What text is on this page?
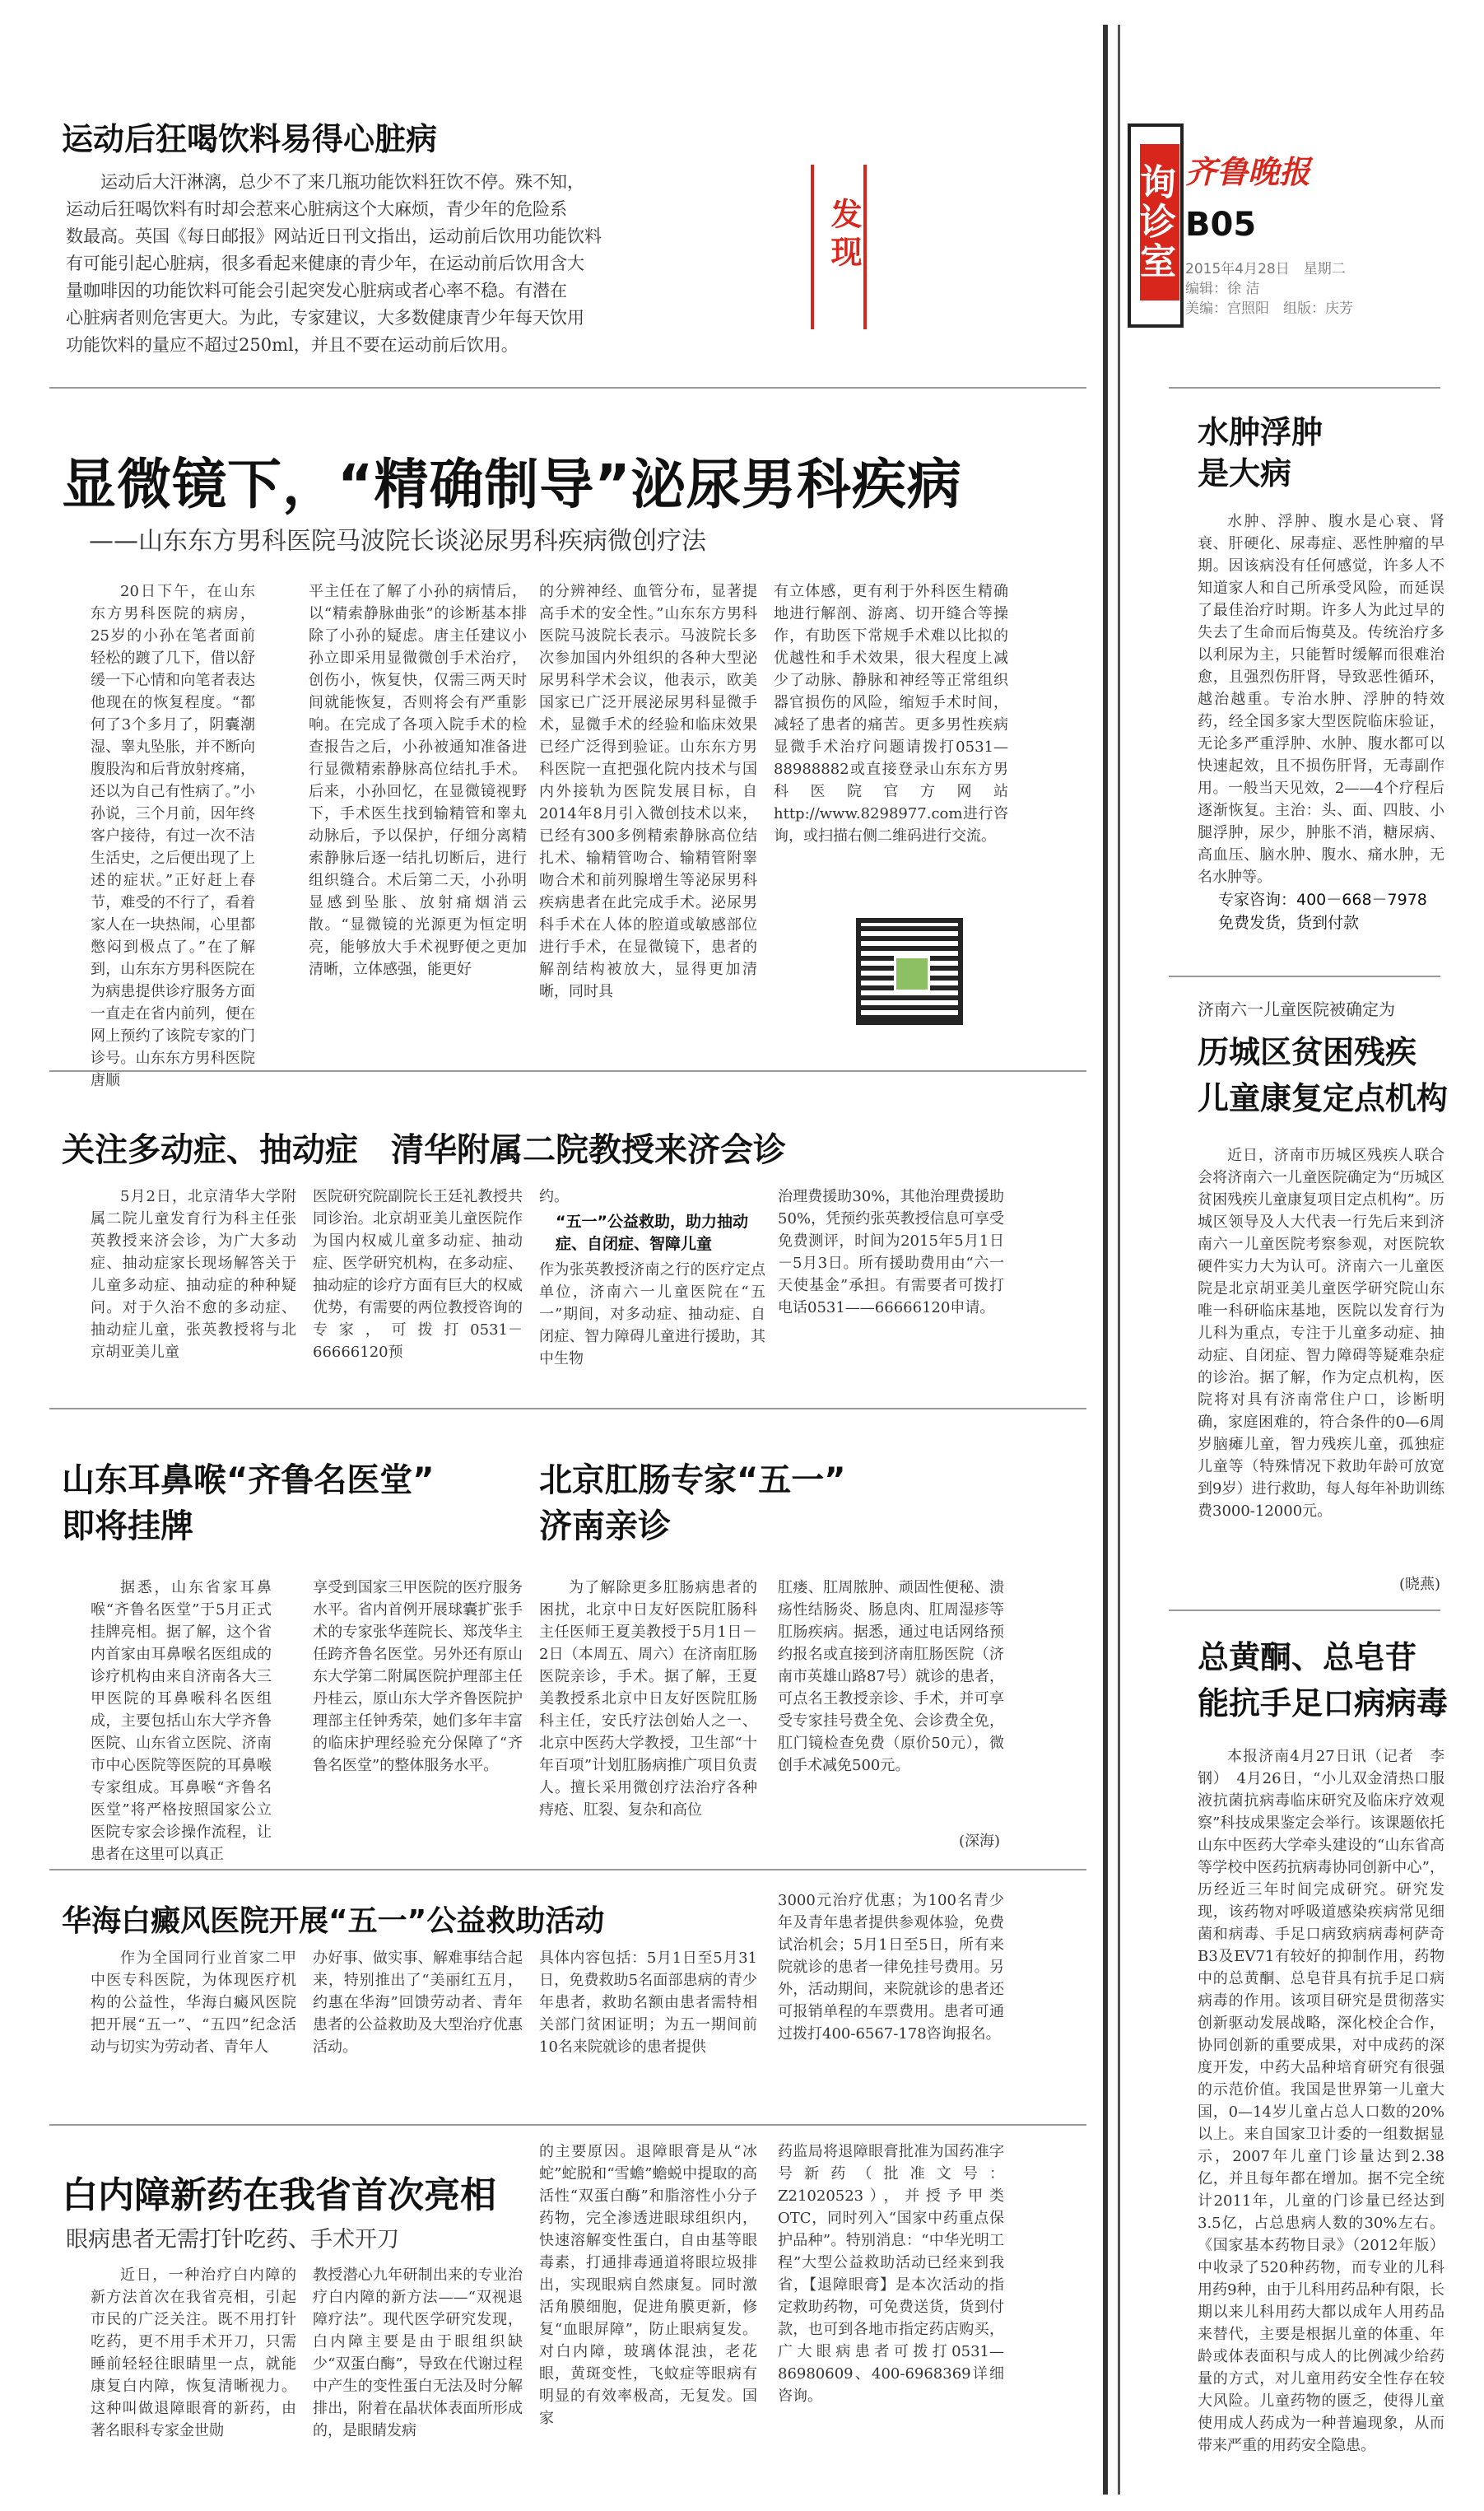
询诊室 齐鲁晚报
B05
2015年4月28日　星期二
编辑：徐 洁
美编：宫照阳　组版：庆芳
运动后狂喝饮料易得心脏病
运动后大汗淋漓，总少不了来几瓶功能饮料狂饮不停。殊不知，
运动后狂喝饮料有时却会惹来心脏病这个大麻烦，青少年的危险系
数最高。英国《每日邮报》网站近日刊文指出，运动前后饮用功能饮料
有可能引起心脏病，很多看起来健康的青少年，在运动前后饮用含大
量咖啡因的功能饮料可能会引起突发心脏病或者心率不稳。有潜在
心脏病者则危害更大。为此，专家建议，大多数健康青少年每天饮用
功能饮料的量应不超过250ml，并且不要在运动前后饮用。
发现
显微镜下，“精确制导”泌尿男科疾病
——山东东方男科医院马波院长谈泌尿男科疾病微创疗法
20日下午，在山东东方男科医院的病房，25岁的小孙在笔者面前轻松的踱了几下，借以舒缓一下心情和向笔者表达他现在的恢复程度。“都何了3个多月了，阴囊潮湿、睾丸坠胀，并不断向腹股沟和后背放射疼痛，还以为自己有性病了。”小孙说，三个月前，因年终客户接待，有过一次不洁生活史，之后便出现了上述的症状。”正好赶上春节，难受的不行了，看着家人在一块热闹，心里都憋闷到极点了。”在了解到，山东东方男科医院在为病患提供诊疗服务方面一直走在省内前列，便在网上预约了该院专家的门诊号。山东东方男科医院唐顺
平主任在了解了小孙的病情后，以“精索静脉曲张”的诊断基本排除了小孙的疑虑。唐主任建议小孙立即采用显微微创手术治疗，创伤小，恢复快，仅需三两天时间就能恢复，否则将会有严重影响。在完成了各项入院手术的检查报告之后，小孙被通知准备进行显微精索静脉高位结扎手术。后来，小孙回忆，在显微镜视野下，手术医生找到输精管和睾丸动脉后，予以保护，仔细分离精索静脉后逐一结扎切断后，进行组织缝合。术后第二天，小孙明显感到坠胀、放射痛烟消云散。“显微镜的光源更为恒定明亮，能够放大手术视野便之更加清晰，立体感强，能更好
的分辨神经、血管分布，显著提高手术的安全性。”山东东方男科医院马波院长表示。马波院长多次参加国内外组织的各种大型泌尿男科学术会议，他表示，欧美国家已广泛开展泌尿男科显微手术，显微手术的经验和临床效果已经广泛得到验证。山东东方男科医院一直把强化院内技术与国内外接轨为医院发展目标，自2014年8月引入微创技术以来，已经有300多例精索静脉高位结扎术、输精管吻合、输精管附睾吻合术和前列腺增生等泌尿男科疾病患者在此完成手术。泌尿男科手术在人体的腔道或敏感部位进行手术，在显微镜下，患者的解剖结构被放大，显得更加清晰，同时具
有立体感，更有利于外科医生精确地进行解剖、游离、切开缝合等操作，有助医下常规手术难以比拟的优越性和手术效果，很大程度上减少了动脉、静脉和神经等正常组织器官损伤的风险，缩短手术时间，减轻了患者的痛苦。更多男性疾病显微手术治疗问题请拨打0531—88988882或直接登录山东东方男科医院官方网站http://www.8298977.com进行咨询，或扫描右侧二维码进行交流。
关注多动症、抽动症　清华附属二院教授来济会诊
5月2日，北京清华大学附属二院儿童发育行为科主任张英教授来济会诊，为广大多动症、抽动症家长现场解答关于儿童多动症、抽动症的种种疑问。对于久治不愈的多动症、抽动症儿童，张英教授将与北京胡亚美儿童
医院研究院副院长王廷礼教授共同诊治。北京胡亚美儿童医院作为国内权威儿童多动症、抽动症、医学研究机构，在多动症、抽动症的诊疗方面有巨大的权威优势，有需要的两位教授咨询的专家，可拨打0531－66666120预
约。
“五一”公益救助，助力抽动症、自闭症、智障儿童
作为张英教授济南之行的医疗定点单位，济南六一儿童医院在“五一”期间，对多动症、抽动症、自闭症、智力障碍儿童进行援助，其中生物
治理费援助30%，其他治理费援助50%，凭预约张英教授信息可享受免费测评，时间为2015年5月1日－5月3日。所有援助费用由“六一天使基金”承担。有需要者可拨打电话0531——66666120申请。
山东耳鼻喉“齐鲁名医堂”
即将挂牌
据悉，山东省家耳鼻喉“齐鲁名医堂”于5月正式挂牌亮相。据了解，这个省内首家由耳鼻喉名医组成的诊疗机构由来自济南各大三甲医院的耳鼻喉科名医组成，主要包括山东大学齐鲁医院、山东省立医院、济南市中心医院等医院的耳鼻喉专家组成。耳鼻喉“齐鲁名医堂”将严格按照国家公立医院专家会诊操作流程，让患者在这里可以真正
享受到国家三甲医院的医疗服务水平。省内首例开展球囊扩张手术的专家张华莲院长、郑茂华主任跨齐鲁名医堂。另外还有原山东大学第二附属医院护理部主任丹桂云，原山东大学齐鲁医院护理部主任钟秀荣，她们多年丰富的临床护理经验充分保障了“齐鲁名医堂”的整体服务水平。
北京肛肠专家“五一”
济南亲诊
为了解除更多肛肠病患者的困扰，北京中日友好医院肛肠科主任医师王夏美教授于5月1日－2日（本周五、周六）在济南肛肠医院亲诊，手术。据了解，王夏美教授系北京中日友好医院肛肠科主任，安氏疗法创始人之一、北京中医药大学教授，卫生部“十年百项”计划肛肠病推广项目负责人。擅长采用微创疗法治疗各种痔疮、肛裂、复杂和高位
肛瘘、肛周脓肿、顽固性便秘、溃疡性结肠炎、肠息肉、肛周湿疹等肛肠疾病。据悉，通过电话网络预约报名或直接到济南肛肠医院（济南市英雄山路87号）就诊的患者，可点名王教授亲诊、手术，并可享受专家挂号费全免、会诊费全免，肛门镜检查免费（原价50元），微创手术减免500元。
(深海)
华海白癜风医院开展“五一”公益救助活动
作为全国同行业首家二甲中医专科医院，为体现医疗机构的公益性，华海白癜风医院把开展“五一”、“五四”纪念活动与切实为劳动者、青年人
办好事、做实事、解难事结合起来，特别推出了“美丽红五月，约惠在华海”回馈劳动者、青年患者的公益救助及大型治疗优惠活动。
具体内容包括：5月1日至5月31日，免费救助5名面部患病的青少年患者，救助名额由患者需特相关部门贫困证明；为五一期间前10名来院就诊的患者提供
3000元治疗优惠；为100名青少年及青年患者提供参观体验，免费试治机会；5月1日至5日，所有来院就诊的患者一律免挂号费用。另外，活动期间，来院就诊的患者还可报销单程的车票费用。患者可通过拨打400-6567-178咨询报名。
白内障新药在我省首次亮相
眼病患者无需打针吃药、手术开刀
近日，一种治疗白内障的新方法首次在我省亮相，引起市民的广泛关注。既不用打针吃药，更不用手术开刀，只需睡前轻轻往眼睛里一点，就能康复白内障，恢复清晰视力。这种叫做退障眼膏的新药，由著名眼科专家金世勋
教授潜心九年研制出来的专业治疗白内障的新方法——“双视退障疗法”。现代医学研究发现，白内障主要是由于眼组织缺少“双蛋白酶”，导致在代谢过程中产生的变性蛋白无法及时分解排出，附着在晶状体表面所形成的，是眼睛发病
的主要原因。退障眼膏是从“冰蛇”蛇脱和“雪蟾”蟾蜕中提取的高活性“双蛋白酶”和脂溶性小分子药物，完全渗透进眼球组织内，快速溶解变性蛋白，自由基等眼毒素，打通排毒通道将眼垃圾排出，实现眼病自然康复。同时激活角膜细胞，促进角膜更新，修复“血眼屏障”，防止眼病复发。对白内障，玻璃体混浊，老花眼，黄斑变性，飞蚊症等眼病有明显的有效率极高，无复发。国家
药监局将退障眼膏批准为国药准字号新药（批准文号：Z21020523），并授予甲类OTC，同时列入“国家中药重点保护品种”。特别消息：“中华光明工程”大型公益救助活动已经来到我省，【退障眼膏】是本次活动的指定救助药物，可免费送货，货到付款，也可到各地市指定药店购买，广大眼病患者可拨打0531—86980609、400-6968369详细咨询。
水肿浮肿
是大病
水肿、浮肿、腹水是心衰、肾衰、肝硬化、尿毒症、恶性肿瘤的早期。因该病没有任何感觉，许多人不知道家人和自己所承受风险，而延误了最佳治疗时期。许多人为此过早的失去了生命而后悔莫及。传统治疗多以利尿为主，只能暂时缓解而很难治愈，且强烈伤肝肾，导致恶性循环，越治越重。专治水肿、浮肿的特效药，经全国多家大型医院临床验证，无论多严重浮肿、水肿、腹水都可以快速起效，且不损伤肝肾，无毒副作用。一般当天见效，2——4个疗程后逐渐恢复。主治：头、面、四肢、小腿浮肿，尿少，肿胀不消，糖尿病、高血压、脑水肿、腹水、痛水肿，无名水肿等。
专家咨询：400－668－7978
免费发货，货到付款
济南六一儿童医院被确定为
历城区贫困残疾
儿童康复定点机构
近日，济南市历城区残疾人联合会将济南六一儿童医院确定为“历城区贫困残疾儿童康复项目定点机构”。历城区领导及人大代表一行先后来到济南六一儿童医院考察参观，对医院软硬件实力大为认可。济南六一儿童医院是北京胡亚美儿童医学研究院山东唯一科研临床基地，医院以发育行为儿科为重点，专注于儿童多动症、抽动症、自闭症、智力障碍等疑难杂症的诊治。据了解，作为定点机构，医院将对具有济南常住户口，诊断明确，家庭困难的，符合条件的0—6周岁脑瘫儿童，智力残疾儿童，孤独症儿童等（特殊情况下救助年龄可放宽到9岁）进行救助，每人每年补助训练费3000-12000元。
(晓燕)
总黄酮、总皂苷
能抗手足口病病毒
本报济南4月27日讯（记者　李钢）　4月26日，“小儿双金清热口服液抗菌抗病毒临床研究及临床疗效观察”科技成果鉴定会举行。该课题依托山东中医药大学牵头建设的“山东省高等学校中医药抗病毒协同创新中心”，历经近三年时间完成研究。研究发现，该药物对呼吸道感染疾病常见细菌和病毒、手足口病致病病毒柯萨奇B3及EV71有较好的抑制作用，药物中的总黄酮、总皂苷具有抗手足口病病毒的作用。该项目研究是贯彻落实创新驱动发展战略，深化校企合作，协同创新的重要成果，对中成药的深度开发，中药大品种培育研究有很强的示范价值。我国是世界第一儿童大国，0—14岁儿童占总人口数的20%以上。来自国家卫计委的一组数据显示，2007年儿童门诊量达到2.38亿，并且每年都在增加。据不完全统计2011年，儿童的门诊量已经达到3.5亿，占总患病人数的30%左右。《国家基本药物目录》（2012年版）中收录了520种药物，而专业的儿科用药9种，由于儿科用药品种有限，长期以来儿科用药大都以成年人用药品来替代，主要是根据儿童的体重、年龄或体表面积与成人的比例减少给药量的方式，对儿童用药安全性存在较大风险。儿童药物的匮乏，使得儿童使用成人药成为一种普遍现象，从而带来严重的用药安全隐患。
